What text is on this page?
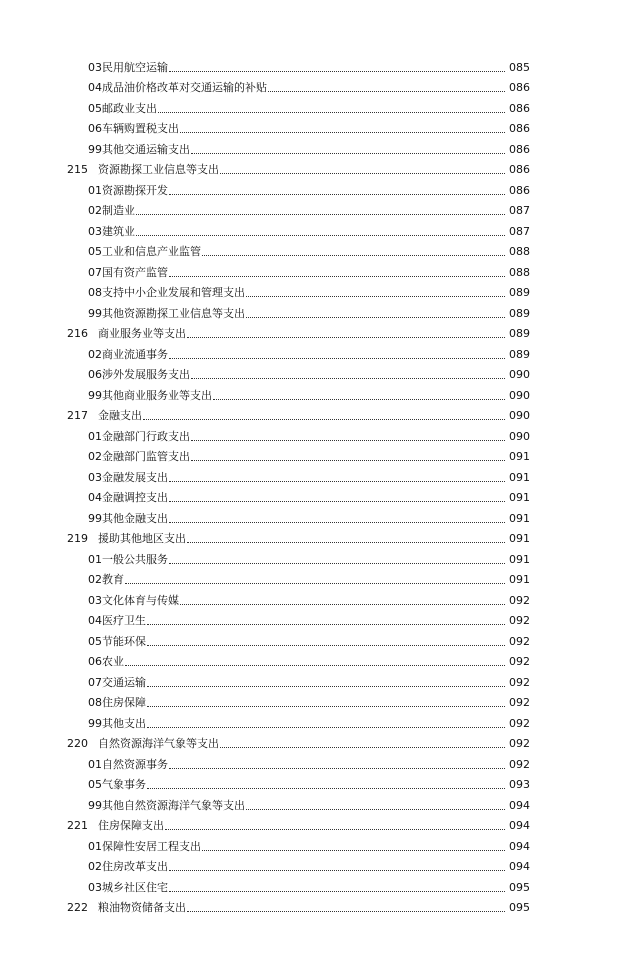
03民用航空运输	085
04成品油价格改革对交通运输的补贴	086
05邮政业支出	086
06车辆购置税支出	086
99其他交通运输支出	086
215 资源勘探工业信息等支出	086
01资源勘探开发	086
02制造业	087
03建筑业	087
05工业和信息产业监管	088
07国有资产监管	088
08支持中小企业发展和管理支出	089
99其他资源勘探工业信息等支出	089
216 商业服务业等支出	089
02商业流通事务	089
06涉外发展服务支出	090
99其他商业服务业等支出	090
217 金融支出	090
01金融部门行政支出	090
02金融部门监管支出	091
03金融发展支出	091
04金融调控支出	091
99其他金融支出	091
219 援助其他地区支出	091
01一般公共服务	091
02教育	091
03文化体育与传媒	092
04医疗卫生	092
05节能环保	092
06农业	092
07交通运输	092
08住房保障	092
99其他支出	092
220 自然资源海洋气象等支出	092
01自然资源事务	092
05气象事务	093
99其他自然资源海洋气象等支出	094
221 住房保障支出	094
01保障性安居工程支出	094
02住房改革支出	094
03城乡社区住宅	095
222 粮油物资储备支出	095
